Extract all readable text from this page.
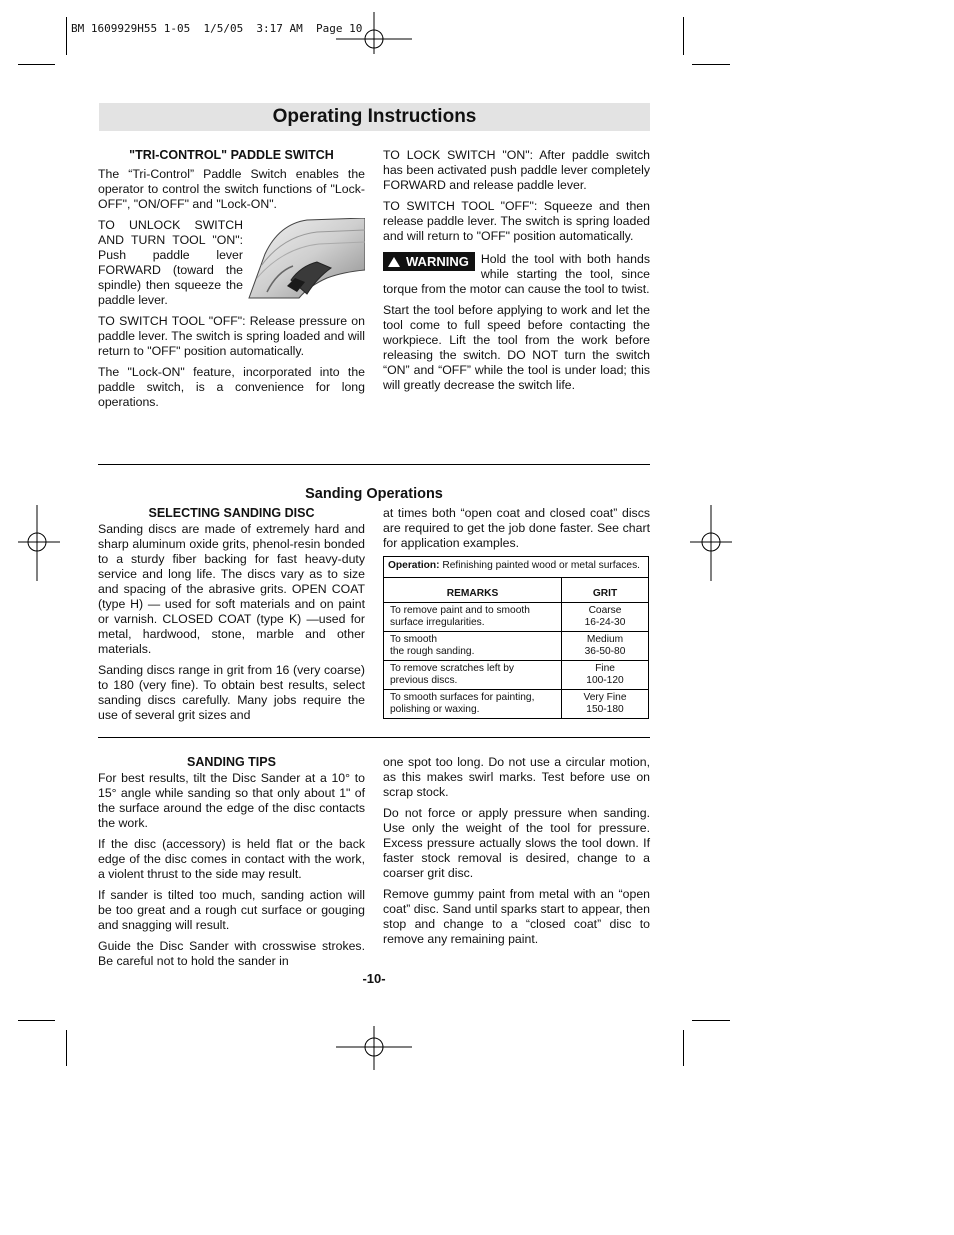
BM 1609929H55 1-05  1/5/05  3:17 AM  Page 10
Operating Instructions
"TRI-CONTROL" PADDLE SWITCH

The “Tri-Control” Paddle Switch enables the operator to control the switch functions of "Lock-OFF", "ON/OFF" and "Lock-ON".

TO UNLOCK SWITCH AND TURN TOOL "ON": Push paddle lever FORWARD (toward the spindle) then squeeze the paddle lever.

TO SWITCH TOOL "OFF": Release pressure on paddle lever. The switch is spring loaded and will return to "OFF" position automatically.

The "Lock-ON" feature, incorporated into the paddle switch, is a convenience for long operations.

TO LOCK SWITCH "ON": After paddle switch has been activated push paddle lever completely FORWARD and release paddle lever.

TO SWITCH TOOL "OFF": Squeeze and then release paddle lever. The switch is spring loaded and will return to "OFF" position automatically.

WARNING Hold the tool with both hands while starting the tool, since torque from the motor can cause the tool to twist.

Start the tool before applying to work and let the tool come to full speed before contacting the workpiece. Lift the tool from the work before releasing the switch. DO NOT turn the switch “ON” and “OFF” while the tool is under load; this will greatly decrease the switch life.

Sanding Operations
SELECTING SANDING DISC

Sanding discs are made of extremely hard and sharp aluminum oxide grits, phenol-resin bonded to a sturdy fiber backing for fast heavy-duty service and long life. The discs vary as to size and spacing of the abrasive grits. OPEN COAT (type H) — used for soft materials and on paint or varnish. CLOSED COAT (type K) —used for metal, hardwood, stone, marble and other materials.

Sanding discs range in grit from 16 (very coarse) to 180 (very fine). To obtain best results, select sanding discs carefully. Many jobs require the use of several grit sizes and

at times both “open coat and closed coat” discs are required to get the job done faster. See chart for application examples.

Operation: Refinishing painted wood or metal surfaces.	
REMARKS	GRIT
To remove paint and to smooth
surface irregularities.	Coarse
16-24-30
To smooth
the rough sanding.	Medium
36-50-80
To remove scratches left by
previous discs.	Fine
100-120
To smooth surfaces for painting,
polishing or waxing.	Very Fine
150-180
SANDING TIPS

For best results, tilt the Disc Sander at a 10° to 15° angle while sanding so that only about 1" of the surface around the edge of the disc contacts the work.

If the disc (accessory) is held flat or the back edge of the disc comes in contact with the work, a violent thrust to the side may result.

If sander is tilted too much, sanding action will be too great and a rough cut surface or gouging and snagging will result.

Guide the Disc Sander with crosswise strokes. Be careful not to hold the sander in

one spot too long. Do not use a circular motion, as this makes swirl marks. Test before use on scrap stock.

Do not force or apply pressure when sanding. Use only the weight of the tool for pressure. Excess pressure actually slows the tool down. If faster stock removal is desired, change to a coarser grit disc.

Remove gummy paint from metal with an “open coat” disc. Sand until sparks start to appear, then stop and change to a “closed coat” disc to remove any remaining paint.

-10-
